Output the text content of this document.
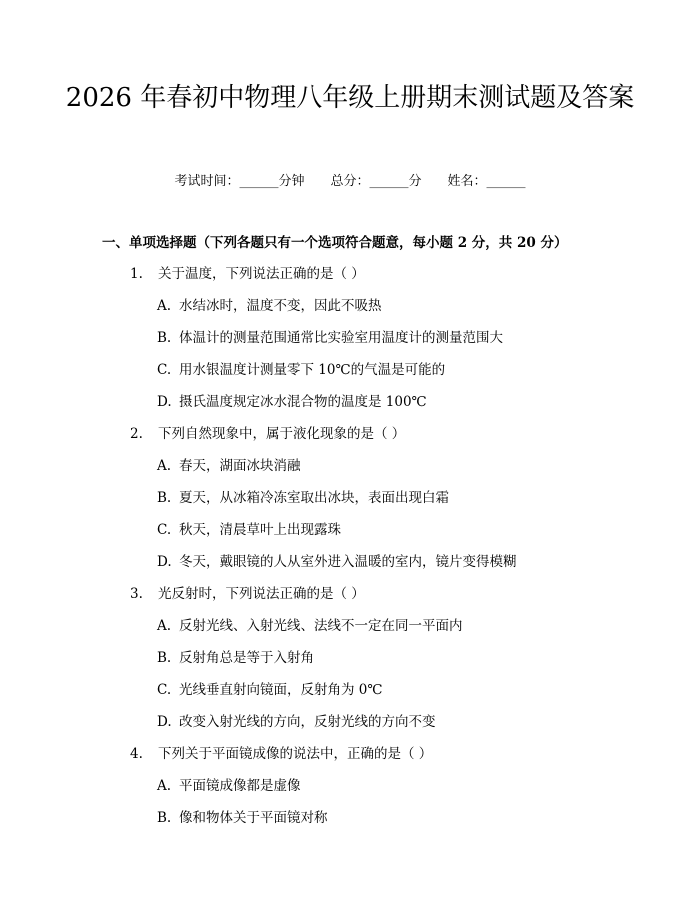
2026 年春初中物理八年级上册期末测试题及答案
考试时间：______分钟 总分：______分 姓名：______
一、单项选择题（下列各题只有一个选项符合题意，每小题 2 分，共 20 分）
1. 关于温度，下列说法正确的是（ ）
A. 水结冰时，温度不变，因此不吸热
B. 体温计的测量范围通常比实验室用温度计的测量范围大
C. 用水银温度计测量零下 10℃的气温是可能的
D. 摄氏温度规定冰水混合物的温度是 100℃
2. 下列自然现象中，属于液化现象的是（ ）
A. 春天，湖面冰块消融
B. 夏天，从冰箱冷冻室取出冰块，表面出现白霜
C. 秋天，清晨草叶上出现露珠
D. 冬天，戴眼镜的人从室外进入温暖的室内，镜片变得模糊
3. 光反射时，下列说法正确的是（ ）
A. 反射光线、入射光线、法线不一定在同一平面内
B. 反射角总是等于入射角
C. 光线垂直射向镜面，反射角为 0℃
D. 改变入射光线的方向，反射光线的方向不变
4. 下列关于平面镜成像的说法中，正确的是（ ）
A. 平面镜成像都是虚像
B. 像和物体关于平面镜对称
